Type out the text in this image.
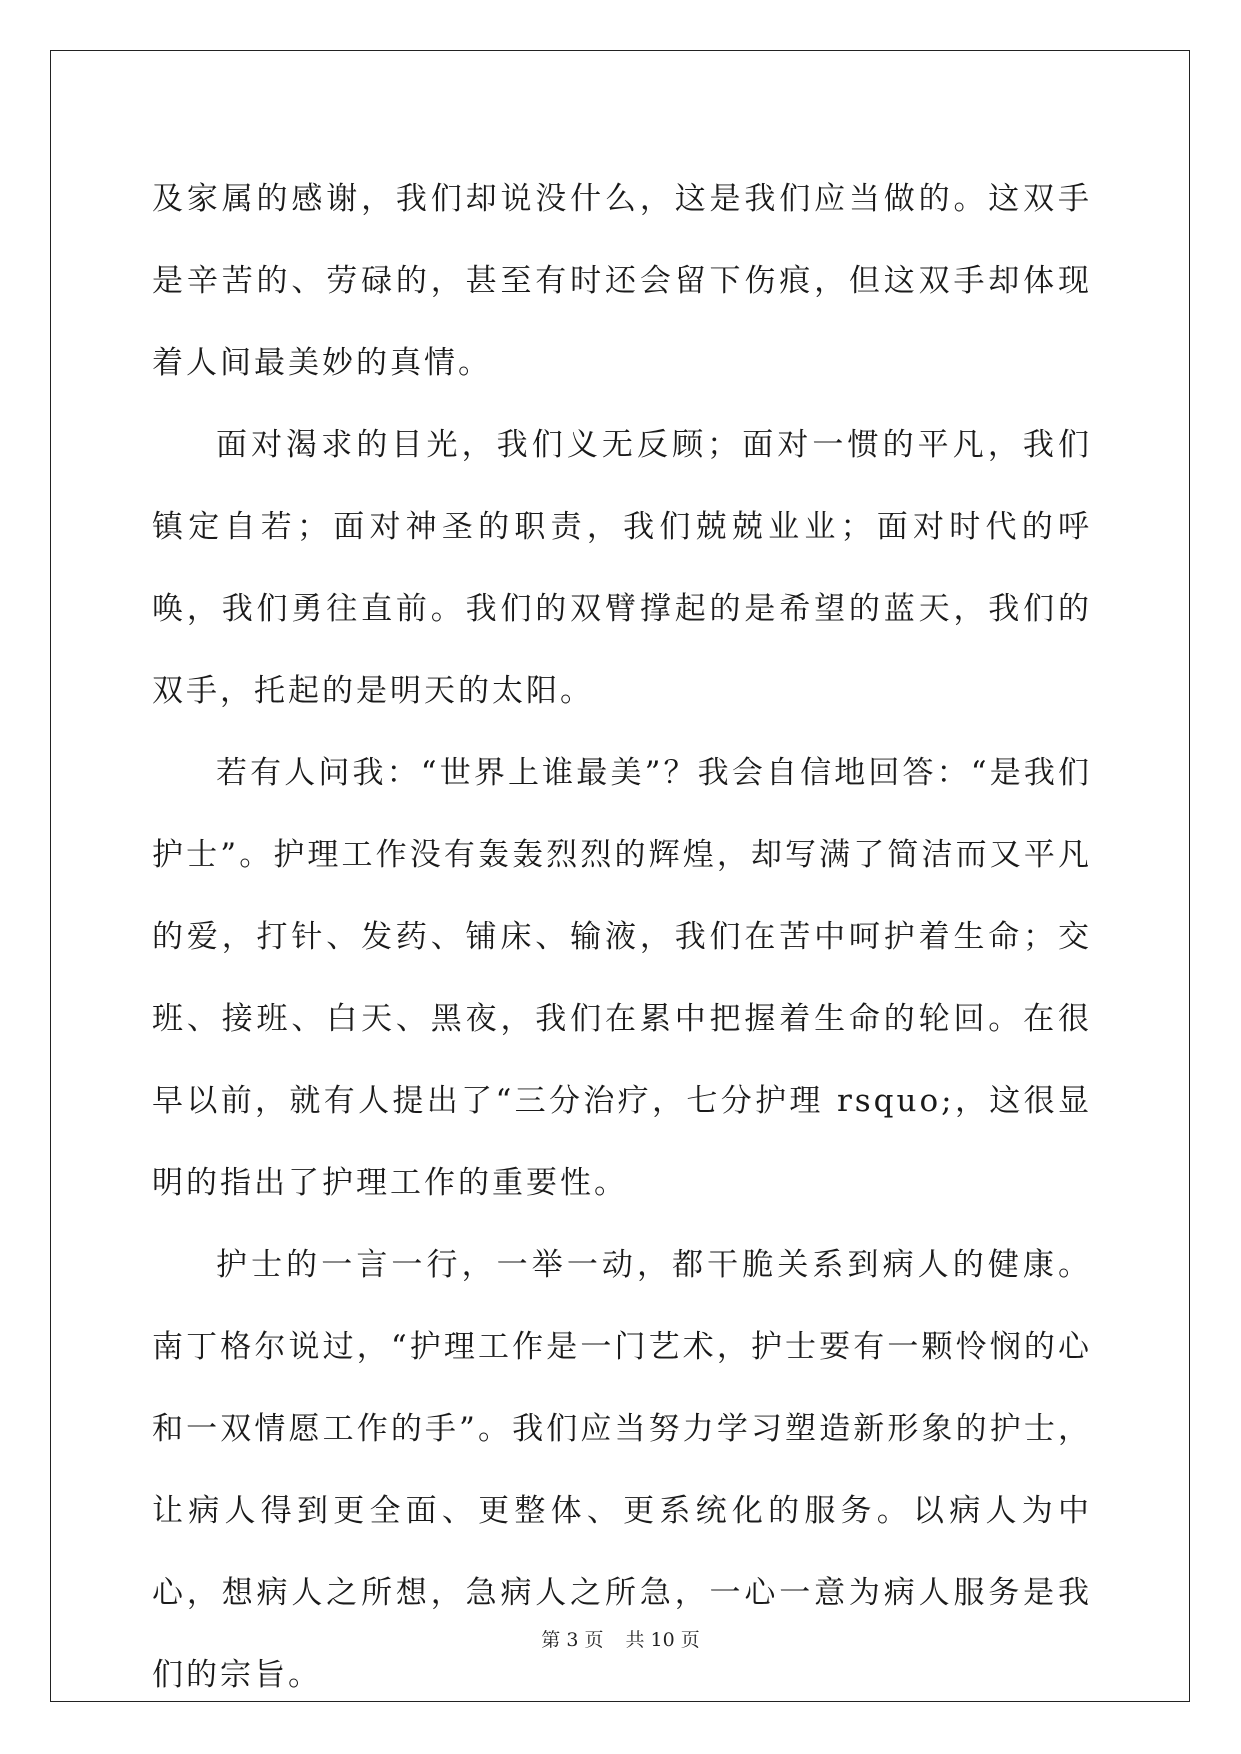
及家属的感谢，我们却说没什么，这是我们应当做的。这双手是辛苦的、劳碌的，甚至有时还会留下伤痕，但这双手却体现着人间最美妙的真情。

面对渴求的目光，我们义无反顾；面对一惯的平凡，我们镇定自若；面对神圣的职责，我们兢兢业业；面对时代的呼唤，我们勇往直前。我们的双臂撑起的是希望的蓝天，我们的双手，托起的是明天的太阳。

若有人问我：“世界上谁最美”？我会自信地回答：“是我们护士”。护理工作没有轰轰烈烈的辉煌，却写满了简洁而又平凡的爱，打针、发药、铺床、输液，我们在苦中呵护着生命；交班、接班、白天、黑夜，我们在累中把握着生命的轮回。在很早以前，就有人提出了“三分治疗，七分护理 rsquo;，这很显明的指出了护理工作的重要性。

护士的一言一行，一举一动，都干脆关系到病人的健康。南丁格尔说过，“护理工作是一门艺术，护士要有一颗怜悯的心和一双情愿工作的手”。我们应当努力学习塑造新形象的护士，让病人得到更全面、更整体、更系统化的服务。以病人为中心，想病人之所想，急病人之所急，一心一意为病人服务是我们的宗旨。

第 3 页 共 10 页
